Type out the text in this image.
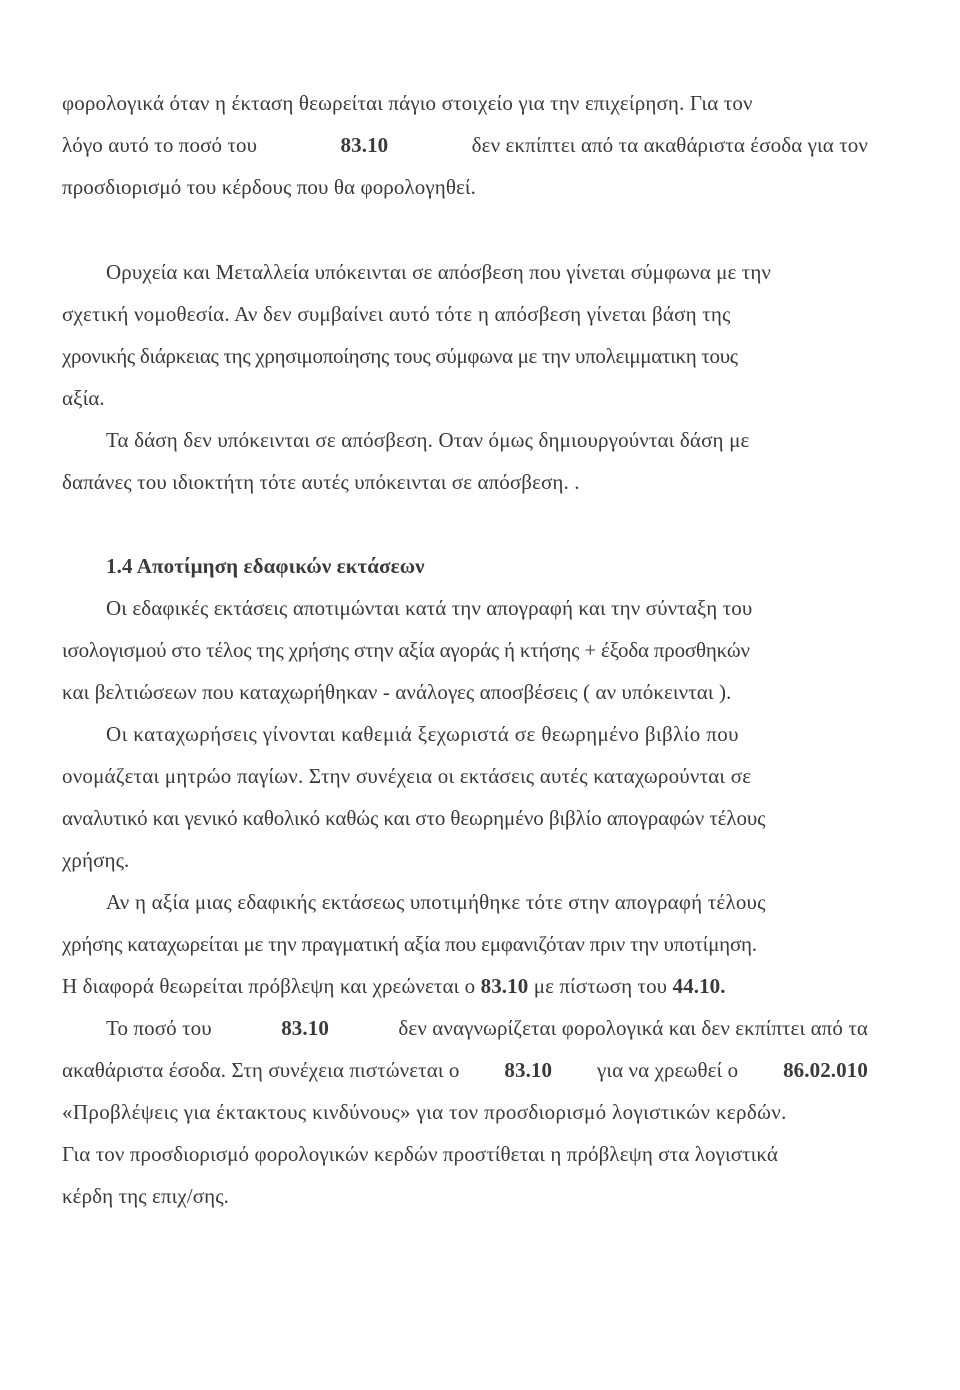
φορολογικά όταν η έκταση θεωρείται πάγιο στοιχείο για την επιχείρηση. Για τον
λόγο αυτό το ποσό του	83.10	δεν εκπίπτει από τα ακαθάριστα έσοδα για τον
προσδιορισμό του κέρδους που θα φορολογηθεί.
Ορυχεία και Μεταλλεία υπόκεινται σε απόσβεση που γίνεται σύμφωνα με την
σχετική νομοθεσία. Αν δεν συμβαίνει αυτό τότε η απόσβεση γίνεται βάση της
χρονικής διάρκειας της χρησιμοποίησης τους σύμφωνα με την υπολειμματικη τους
αξία.
Τα δάση δεν υπόκεινται σε απόσβεση. Οταν όμως δημιουργούνται δάση με
δαπάνες του ιδιοκτήτη τότε αυτές υπόκεινται σε απόσβεση. .
1.4 Αποτίμηση εδαφικών εκτάσεων
Οι εδαφικές εκτάσεις αποτιμώνται κατά την απογραφή και την σύνταξη του
ισολογισμού στο τέλος της χρήσης στην αξία αγοράς ή κτήσης + έξοδα προσθηκών
και βελτιώσεων που καταχωρήθηκαν - ανάλογες αποσβέσεις ( αν υπόκεινται ).
Οι καταχωρήσεις γίνονται καθεμιά ξεχωριστά σε θεωρημένο βιβλίο που
ονομάζεται μητρώο παγίων. Στην συνέχεια οι εκτάσεις αυτές καταχωρούνται σε
αναλυτικό και γενικό καθολικό καθώς και στο θεωρημένο βιβλίο απογραφών τέλους
χρήσης.
Αν η αξία μιας εδαφικής εκτάσεως υποτιμήθηκε τότε στην απογραφή τέλους
χρήσης καταχωρείται με την πραγματική αξία που εμφανιζόταν πριν την υποτίμηση.
Η διαφορά θεωρείται πρόβλεψη και χρεώνεται ο 83.10 με πίστωση του 44.10.
Το ποσό του	83.10	δεν αναγνωρίζεται φορολογικά και δεν εκπίπτει από τα
ακαθάριστα έσοδα. Στη συνέχεια πιστώνεται ο 83.10 για να χρεωθεί ο 86.02.010
«Προβλέψεις για έκτακτους κινδύνους» για τον προσδιορισμό λογιστικών κερδών.
Για τον προσδιορισμό φορολογικών κερδών προστίθεται η πρόβλεψη στα λογιστικά
κέρδη της επιχ/σης.
